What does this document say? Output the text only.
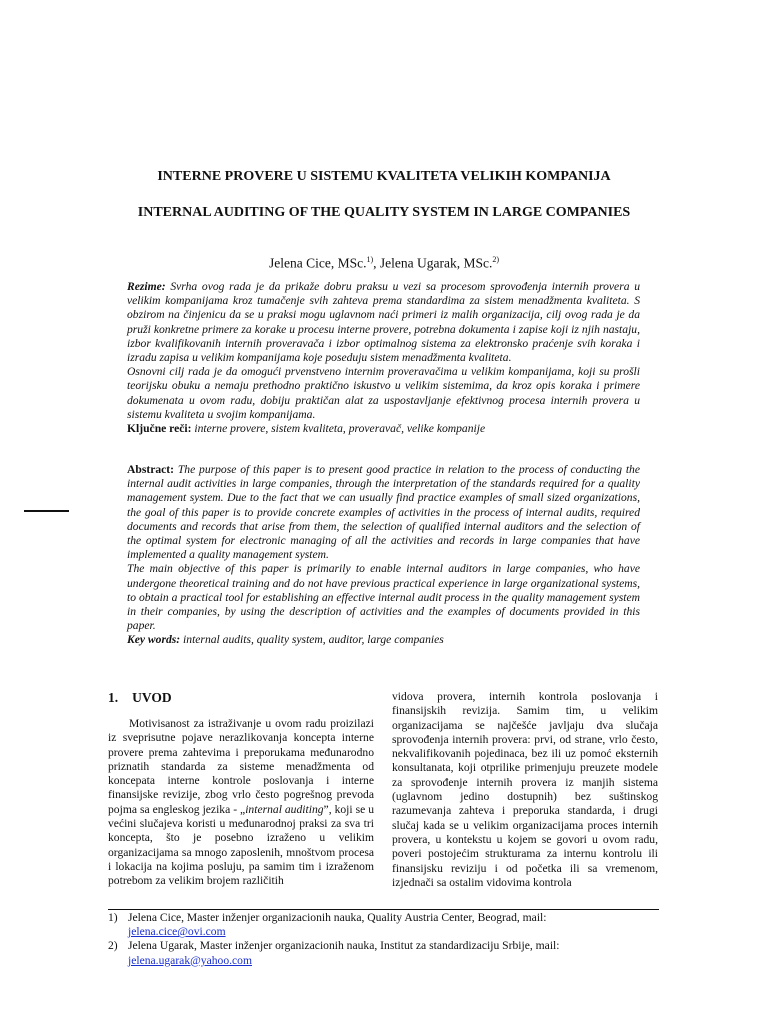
INTERNE PROVERE U SISTEMU KVALITETA VELIKIH KOMPANIJA
INTERNAL AUDITING OF THE QUALITY SYSTEM IN LARGE COMPANIES
Jelena Cice, MSc.$^{1)}$, Jelena Ugarak, MSc.$^{2)}$

Rezime: Svrha ovog rada je da prikaže dobru praksu u vezi sa procesom sprovođenja internih provera u velikim kompanijama kroz tumačenje svih zahteva prema standardima za sistem menadžmenta kvaliteta. S obzirom na činjenicu da se u praksi mogu uglavnom naći primeri iz malih organizacija, cilj ovog rada je da pruži konkretne primere za korake u procesu interne provere, potrebna dokumenta i zapise koji iz njih nastaju, izbor kvalifikovanih internih proveravača i izbor optimalnog sistema za elektronsko praćenje svih koraka i izradu zapisa u velikim kompanijama koje poseduju sistem menadžmenta kvaliteta.

Osnovni cilj rada je da omogući prvenstveno internim proveravačima u velikim kompanijama, koji su prošli teorijsku obuku a nemaju prethodno praktično iskustvo u velikim sistemima, da kroz opis koraka i primere dokumenata u ovom radu, dobiju praktičan alat za uspostavljanje efektivnog procesa internih provera u sistemu kvaliteta u svojim kompanijama.

Ključne reči: interne provere, sistem kvaliteta, proveravač, velike kompanije

Abstract: The purpose of this paper is to present good practice in relation to the process of conducting the internal audit activities in large companies, through the interpretation of the standards required for a quality management system. Due to the fact that we can usually find practice examples of small sized organizations, the goal of this paper is to provide concrete examples of activities in the process of internal audits, required documents and records that arise from them, the selection of qualified internal auditors and the selection of the optimal system for electronic managing of all the activities and records in large companies that have implemented a quality management system.

The main objective of this paper is primarily to enable internal auditors in large companies, who have undergone theoretical training and do not have previous practical experience in large organizational systems, to obtain a practical tool for establishing an effective internal audit process in the quality management system in their companies, by using the description of activities and the examples of documents provided in this paper.

Key words: internal audits, quality system, auditor, large companies

1. UVOD

Motivisanost za istraživanje u ovom radu proizilazi iz sveprisutne pojave nerazlikovanja koncepta interne provere prema zahtevima i preporukama međunarodno priznatih standarda za sisteme menadžmenta od koncepata interne kontrole poslovanja i interne finansijske revizije, zbog vrlo često pogrešnog prevoda pojma sa engleskog jezika - „internal auditing”, koji se u većini slučajeva koristi u međunarodnoj praksi za sva tri koncepta, što je posebno izraženo u velikim organizacijama sa mnogo zaposlenih, mnoštvom procesa i lokacija na kojima posluju, pa samim tim i izraženom potrebom za velikim brojem različitih

vidova provera, internih kontrola poslovanja i finansijskih revizija. Samim tim, u velikim organizacijama se najčešće javljaju dva slučaja sprovođenja internih provera: prvi, od strane, vrlo često, nekvalifikovanih pojedinaca, bez ili uz pomoć eksternih konsultanata, koji otprilike primenjuju preuzete modele za sprovođenje internih provera iz manjih sistema (uglavnom jedino dostupnih) bez suštinskog razumevanja zahteva i preporuka standarda, i drugi slučaj kada se u velikim organizacijama proces internih provera, u kontekstu u kojem se govori u ovom radu, poveri postojećim strukturama za internu kontrolu ili finansijsku reviziju i od početka ili sa vremenom, izjednači sa ostalim vidovima kontrola

1) Jelena Cice, Master inženjer organizacionih nauka, Quality Austria Center, Beograd, mail:
jelena.cice@ovi.com
2) Jelena Ugarak, Master inženjer organizacionih nauka, Institut za standardizaciju Srbije, mail:
jelena.ugarak@yahoo.com
